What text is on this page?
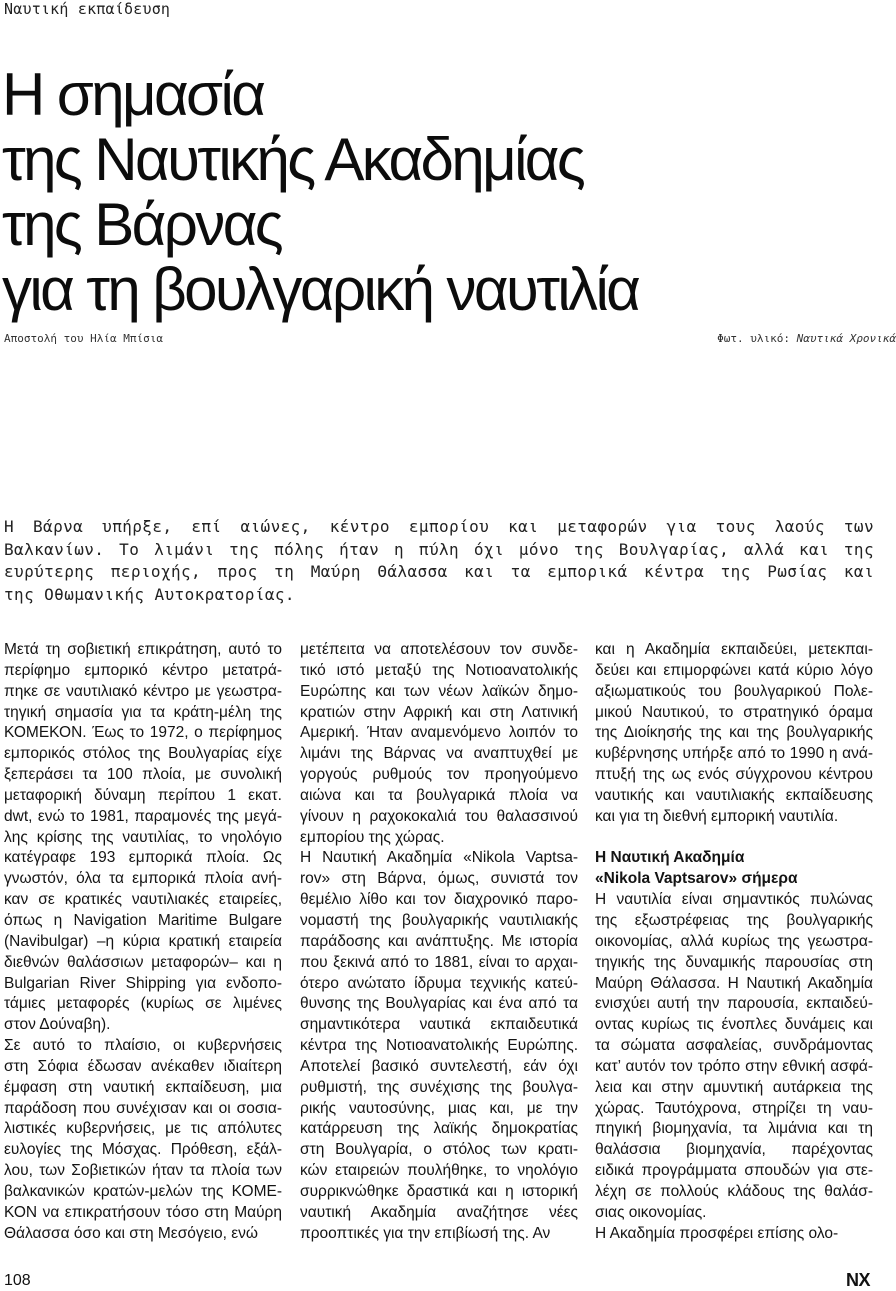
Ναυτική εκπαίδευση
Η σημασία
της Ναυτικής Ακαδημίας
της Βάρνας
για τη βουλγαρική ναυτιλία
Αποστολή του Ηλία Μπίσια	Φωτ. υλικό: Ναυτικά Χρονικά
Η Βάρνα υπήρξε, επί αιώνες, κέντρο εμπορίου και μεταφορών για τους λαούς των
Βαλκανίων. Το λιμάνι της πόλης ήταν η πύλη όχι μόνο της Βουλγαρίας, αλλά και της
ευρύτερης περιοχής, προς τη Μαύρη Θάλασσα και τα εμπορικά κέντρα της Ρωσίας και
της Οθωμανικής Αυτοκρατορίας.
Μετά τη σοβιετική επικράτηση, αυτό το
περίφημο εμπορικό κέντρο μετατρά-
πηκε σε ναυτιλιακό κέντρο με γεωστρα-
τηγική σημασία για τα κράτη-μέλη της
ΚΟΜΕΚΟΝ. Έως το 1972, ο περίφημος
εμπορικός στόλος της Βουλγαρίας είχε
ξεπεράσει τα 100 πλοία, με συνολική
μεταφορική δύναμη περίπου 1 εκατ.
dwt, ενώ το 1981, παραμονές της μεγά-
λης κρίσης της ναυτιλίας, το νηολόγιο
κατέγραφε 193 εμπορικά πλοία. Ως
γνωστόν, όλα τα εμπορικά πλοία ανή-
καν σε κρατικές ναυτιλιακές εταιρείες,
όπως η Navigation Maritime Bulgare
(Navibulgar) –η κύρια κρατική εταιρεία
διεθνών θαλάσσιων μεταφορών– και η
Bulgarian River Shipping για ενδοπο-
τάμιες μεταφορές (κυρίως σε λιμένες
στον Δούναβη).
Σε αυτό το πλαίσιο, οι κυβερνήσεις
στη Σόφια έδωσαν ανέκαθεν ιδιαίτερη
έμφαση στη ναυτική εκπαίδευση, μια
παράδοση που συνέχισαν και οι σοσια-
λιστικές κυβερνήσεις, με τις απόλυτες
ευλογίες της Μόσχας. Πρόθεση, εξάλ-
λου, των Σοβιετικών ήταν τα πλοία των
βαλκανικών κρατών-μελών της ΚΟΜΕ-
ΚΟΝ να επικρατήσουν τόσο στη Μαύρη
Θάλασσα όσο και στη Μεσόγειο, ενώ
μετέπειτα να αποτελέσουν τον συνδε-
τικό ιστό μεταξύ της Νοτιοανατολικής
Ευρώπης και των νέων λαϊκών δημο-
κρατιών στην Αφρική και στη Λατινική
Αμερική. Ήταν αναμενόμενο λοιπόν το
λιμάνι της Βάρνας να αναπτυχθεί με
γοργούς ρυθμούς τον προηγούμενο
αιώνα και τα βουλγαρικά πλοία να
γίνουν η ραχοκοκαλιά του θαλασσινού
εμπορίου της χώρας.
Η Ναυτική Ακαδημία «Nikola Vaptsa-
rov» στη Βάρνα, όμως, συνιστά τον
θεμέλιο λίθο και τον διαχρονικό παρο-
νομαστή της βουλγαρικής ναυτιλιακής
παράδοσης και ανάπτυξης. Με ιστορία
που ξεκινά από το 1881, είναι το αρχαι-
ότερο ανώτατο ίδρυμα τεχνικής κατεύ-
θυνσης της Βουλγαρίας και ένα από τα
σημαντικότερα ναυτικά εκπαιδευτικά
κέντρα της Νοτιοανατολικής Ευρώπης.
Αποτελεί βασικό συντελεστή, εάν όχι
ρυθμιστή, της συνέχισης της βουλγα-
ρικής ναυτοσύνης, μιας και, με την
κατάρρευση της λαϊκής δημοκρατίας
στη Βουλγαρία, ο στόλος των κρατι-
κών εταιρειών πουλήθηκε, το νηολόγιο
συρρικνώθηκε δραστικά και η ιστορική
ναυτική Ακαδημία αναζήτησε νέες
προοπτικές για την επιβίωσή της. Αν
και η Ακαδημία εκπαιδεύει, μετεκπαι-
δεύει και επιμορφώνει κατά κύριο λόγο
αξιωματικούς του βουλγαρικού Πολε-
μικού Ναυτικού, το στρατηγικό όραμα
της Διοίκησής της και της βουλγαρικής
κυβέρνησης υπήρξε από το 1990 η ανά-
πτυξή της ως ενός σύγχρονου κέντρου
ναυτικής και ναυτιλιακής εκπαίδευσης
και για τη διεθνή εμπορική ναυτιλία.

Η Ναυτική Ακαδημία
«Nikola Vaptsarov» σήμερα
Η ναυτιλία είναι σημαντικός πυλώνας
της εξωστρέφειας της βουλγαρικής
οικονομίας, αλλά κυρίως της γεωστρα-
τηγικής της δυναμικής παρουσίας στη
Μαύρη Θάλασσα. Η Ναυτική Ακαδημία
ενισχύει αυτή την παρουσία, εκπαιδεύ-
οντας κυρίως τις ένοπλες δυνάμεις και
τα σώματα ασφαλείας, συνδράμοντας
κατ’ αυτόν τον τρόπο στην εθνική ασφά-
λεια και στην αμυντική αυτάρκεια της
χώρας. Ταυτόχρονα, στηρίζει τη ναυ-
πηγική βιομηχανία, τα λιμάνια και τη
θαλάσσια βιομηχανία, παρέχοντας
ειδικά προγράμματα σπουδών για στε-
λέχη σε πολλούς κλάδους της θαλάσ-
σιας οικονομίας.
Η Ακαδημία προσφέρει επίσης ολο-
108	NX
